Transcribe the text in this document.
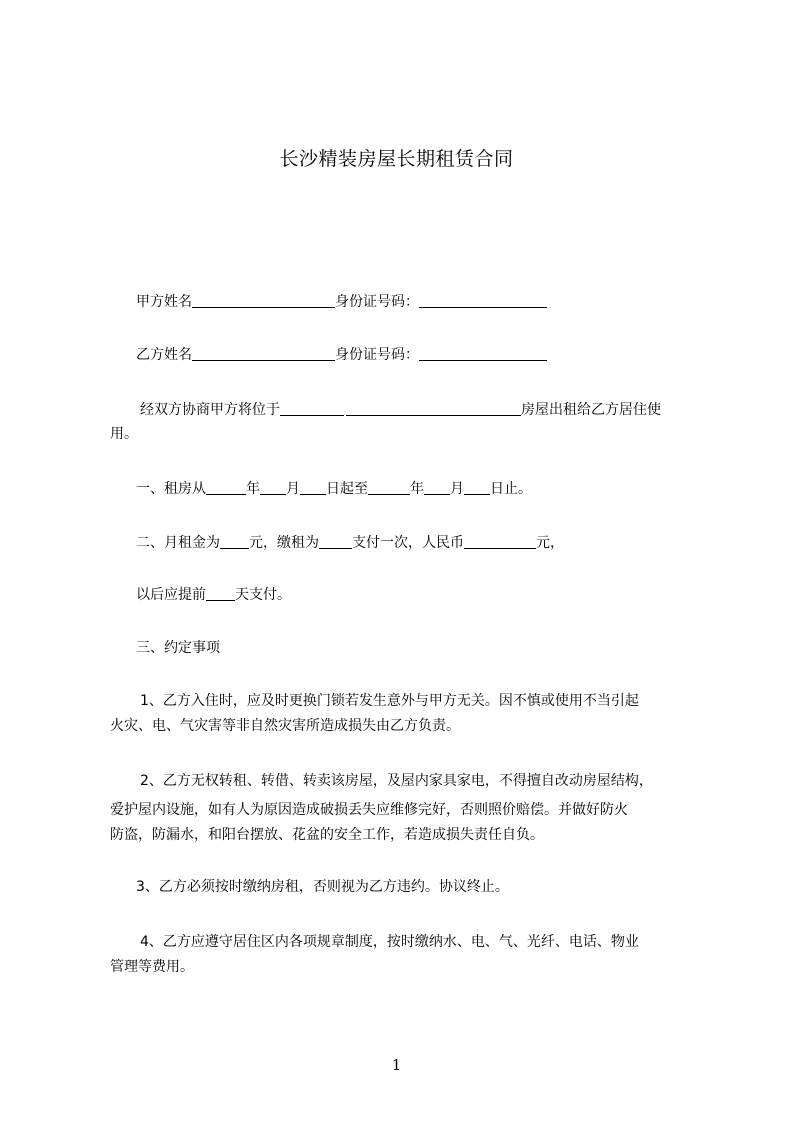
长沙精装房屋长期租赁合同
甲方姓名	身份证号码：
乙方姓名	身份证号码：
经双方协商甲方将位于	房屋出租给乙方居住使
用。
一、租房从	年 月 日起至	年 月 日止。
二、月租金为 元，缴租为 支付一次，人民币	元，
以后应提前 天支付。
三、约定事项
1、乙方入住时，应及时更换门锁若发生意外与甲方无关。因不慎或使用不当引起
火灾、电、气灾害等非自然灾害所造成损失由乙方负责。
2、乙方无权转租、转借、转卖该房屋，及屋内家具家电，不得擅自改动房屋结构，
爱护屋内设施，如有人为原因造成破损丢失应维修完好，否则照价赔偿。并做好防火
防盗，防漏水，和阳台摆放、花盆的安全工作，若造成损失责任自负。
3、乙方必须按时缴纳房租，否则视为乙方违约。协议终止。
4、乙方应遵守居住区内各项规章制度，按时缴纳水、电、气、光纤、电话、物业
管理等费用。
1
